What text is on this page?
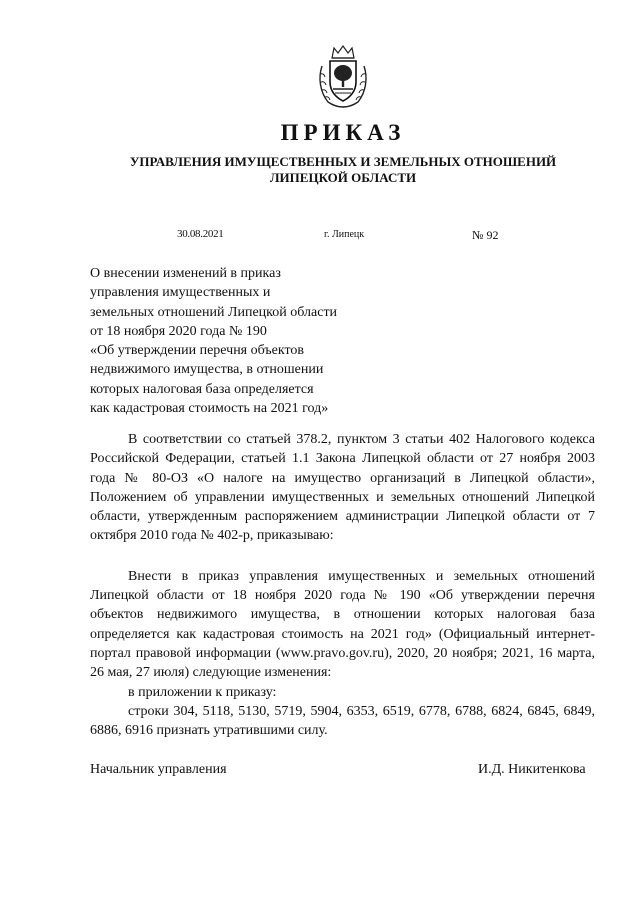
ПРИКАЗ
УПРАВЛЕНИЯ ИМУЩЕСТВЕННЫХ И ЗЕМЕЛЬНЫХ ОТНОШЕНИЙ
ЛИПЕЦКОЙ ОБЛАСТИ
30.08.2021	г. Липецк	№ 92
О внесении изменений в приказ
управления имущественных и
земельных отношений Липецкой области
от 18 ноября 2020 года № 190
«Об утверждении перечня объектов
недвижимого имущества, в отношении
которых налоговая база определяется
как кадастровая стоимость на 2021 год»
В соответствии со статьей 378.2, пунктом 3 статьи 402 Налогового кодекса Российской Федерации, статьей 1.1 Закона Липецкой области от 27 ноября 2003 года № 80-ОЗ «О налоге на имущество организаций в Липецкой области», Положением об управлении имущественных и земельных отношений Липецкой области, утвержденным распоряжением администрации Липецкой области от 7 октября 2010 года № 402-р, приказываю:
Внести в приказ управления имущественных и земельных отношений Липецкой области от 18 ноября 2020 года № 190 «Об утверждении перечня объектов недвижимого имущества, в отношении которых налоговая база определяется как кадастровая стоимость на 2021 год» (Официальный интернет-портал правовой информации (www.pravo.gov.ru), 2020, 20 ноября; 2021, 16 марта, 26 мая, 27 июля) следующие изменения:
в приложении к приказу:
строки 304, 5118, 5130, 5719, 5904, 6353, 6519, 6778, 6788, 6824, 6845, 6849, 6886, 6916 признать утратившими силу.
Начальник управления	И.Д. Никитенкова
